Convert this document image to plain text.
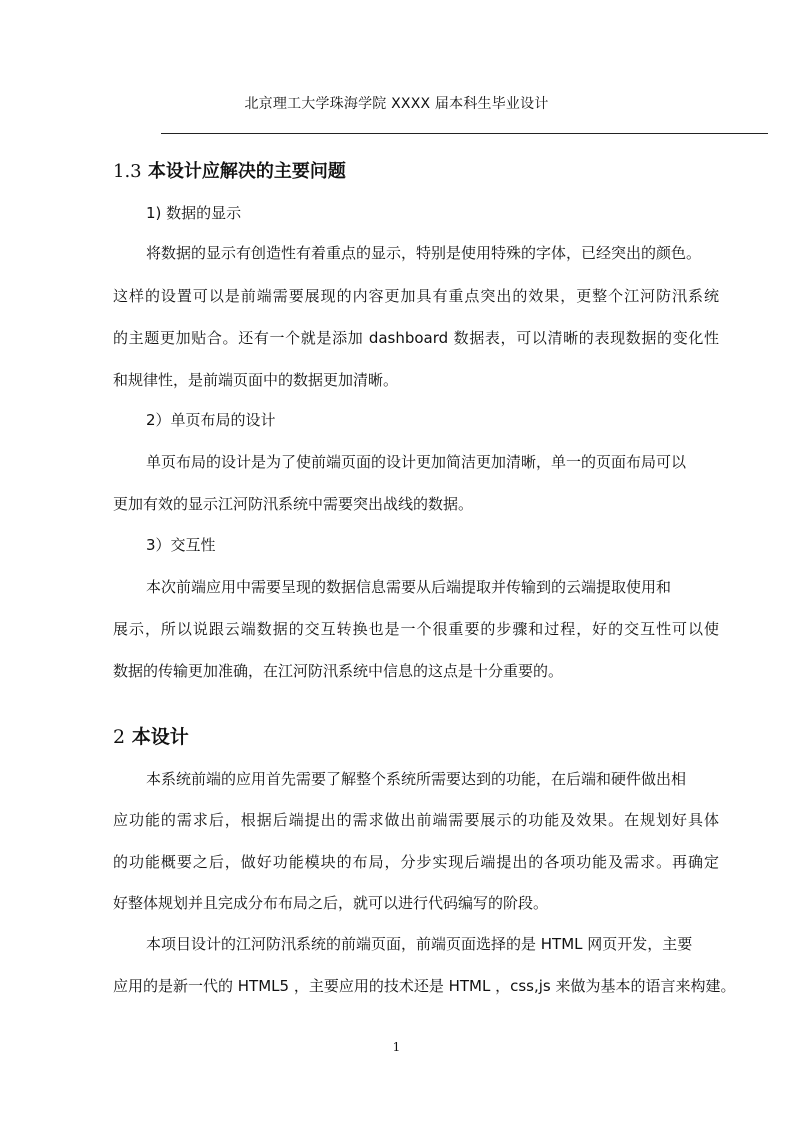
北京理工大学珠海学院 XXXX 届本科生毕业设计
1.3 本设计应解决的主要问题
1) 数据的显示
将数据的显示有创造性有着重点的显示，特别是使用特殊的字体，已经突出的颜色。
这样的设置可以是前端需要展现的内容更加具有重点突出的效果，更整个江河防汛系统
的主题更加贴合。还有一个就是添加 dashboard 数据表，可以清晰的表现数据的变化性
和规律性，是前端页面中的数据更加清晰。
2）单页布局的设计
单页布局的设计是为了使前端页面的设计更加简洁更加清晰，单一的页面布局可以
更加有效的显示江河防汛系统中需要突出战线的数据。
3）交互性
本次前端应用中需要呈现的数据信息需要从后端提取并传输到的云端提取使用和
展示，所以说跟云端数据的交互转换也是一个很重要的步骤和过程，好的交互性可以使
数据的传输更加准确，在江河防汛系统中信息的这点是十分重要的。
2 本设计
本系统前端的应用首先需要了解整个系统所需要达到的功能，在后端和硬件做出相
应功能的需求后，根据后端提出的需求做出前端需要展示的功能及效果。在规划好具体
的功能概要之后，做好功能模块的布局，分步实现后端提出的各项功能及需求。再确定
好整体规划并且完成分布布局之后，就可以进行代码编写的阶段。
本项目设计的江河防汛系统的前端页面，前端页面选择的是 HTML 网页开发，主要
应用的是新一代的 HTML5 ，主要应用的技术还是 HTML ，css,js 来做为基本的语言来构建。
1
